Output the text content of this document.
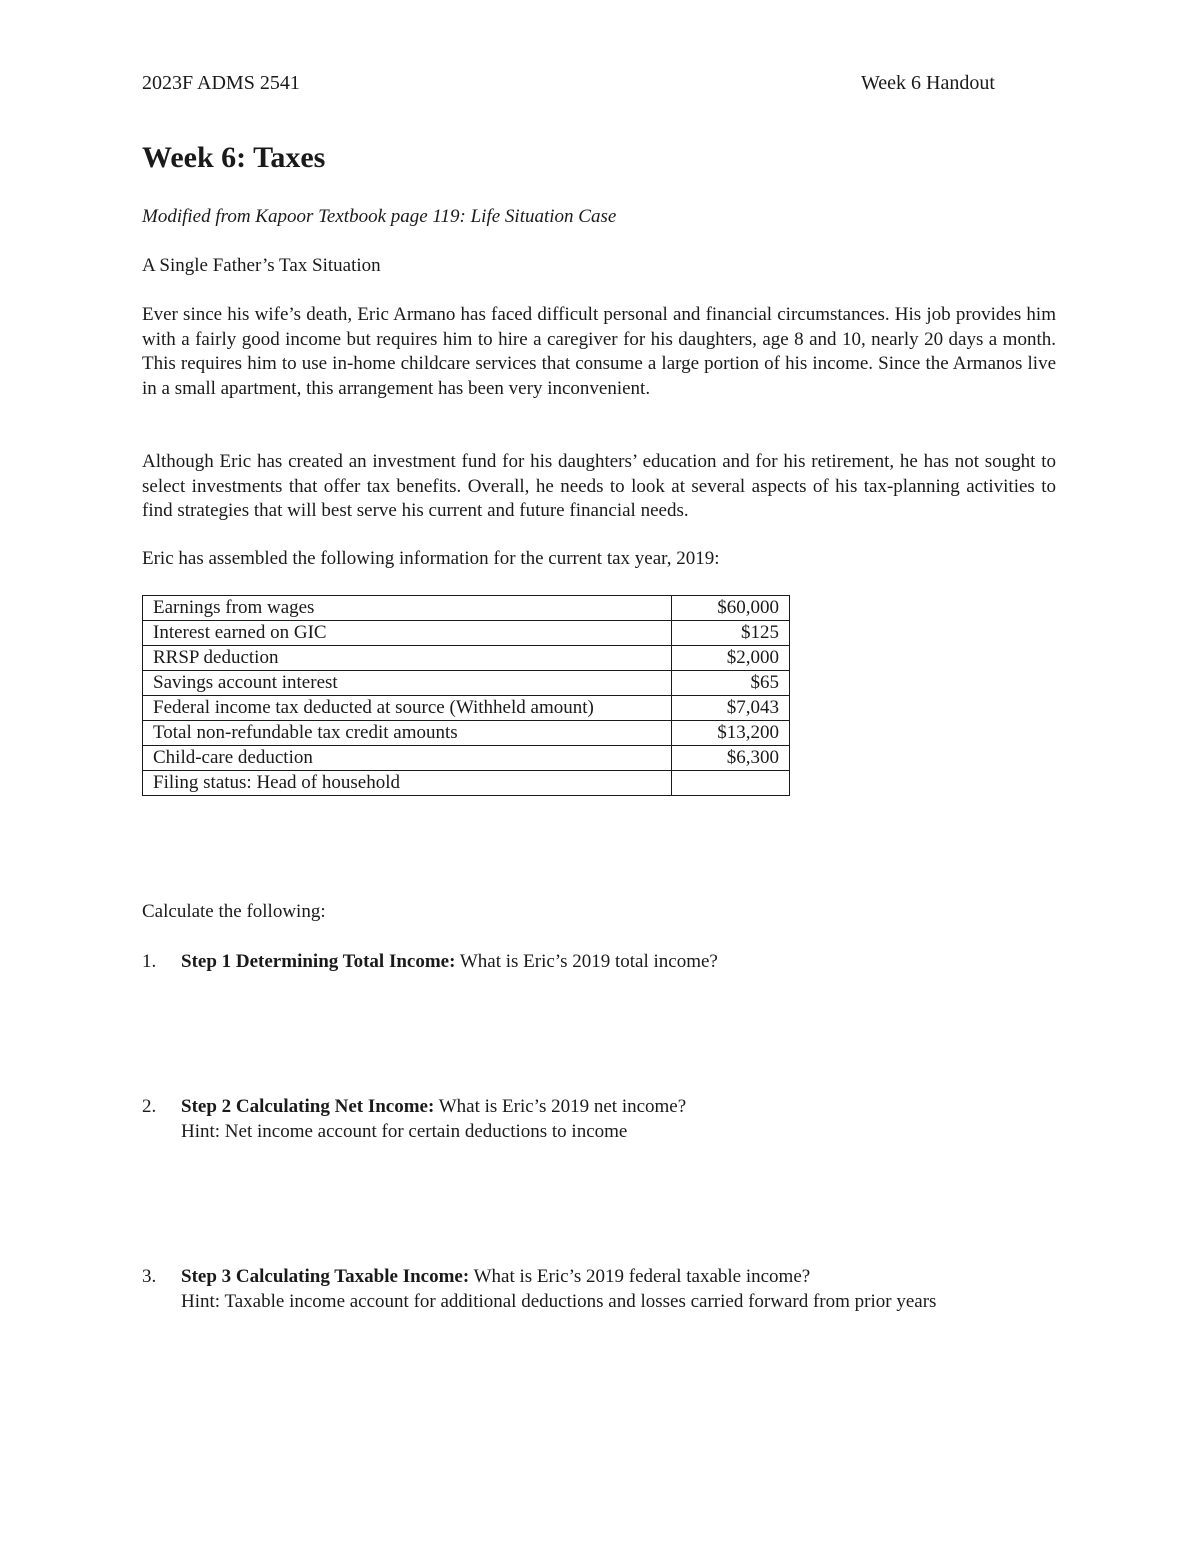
2023F ADMS 2541	Week 6 Handout
Week 6: Taxes
Modified from Kapoor Textbook page 119: Life Situation Case
A Single Father’s Tax Situation

Ever since his wife’s death, Eric Armano has faced difficult personal and financial circumstances. His job provides him with a fairly good income but requires him to hire a caregiver for his daughters, age 8 and 10, nearly 20 days a month. This requires him to use in-home childcare services that consume a large portion of his income. Since the Armanos live in a small apartment, this arrangement has been very inconvenient.

Although Eric has created an investment fund for his daughters’ education and for his retirement, he has not sought to select investments that offer tax benefits. Overall, he needs to look at several aspects of his tax-planning activities to find strategies that will best serve his current and future financial needs.

Eric has assembled the following information for the current tax year, 2019:
Earnings from wages	$60,000
Interest earned on GIC	$125
RRSP deduction	$2,000
Savings account interest	$65
Federal income tax deducted at source (Withheld amount)	$7,043
Total non-refundable tax credit amounts	$13,200
Child-care deduction	$6,300
Filing status: Head of household	
Calculate the following:
1. Step 1 Determining Total Income: What is Eric’s 2019 total income?
2. Step 2 Calculating Net Income: What is Eric’s 2019 net income?
Hint: Net income account for certain deductions to income
3. Step 3 Calculating Taxable Income: What is Eric’s 2019 federal taxable income?
Hint: Taxable income account for additional deductions and losses carried forward from prior years
